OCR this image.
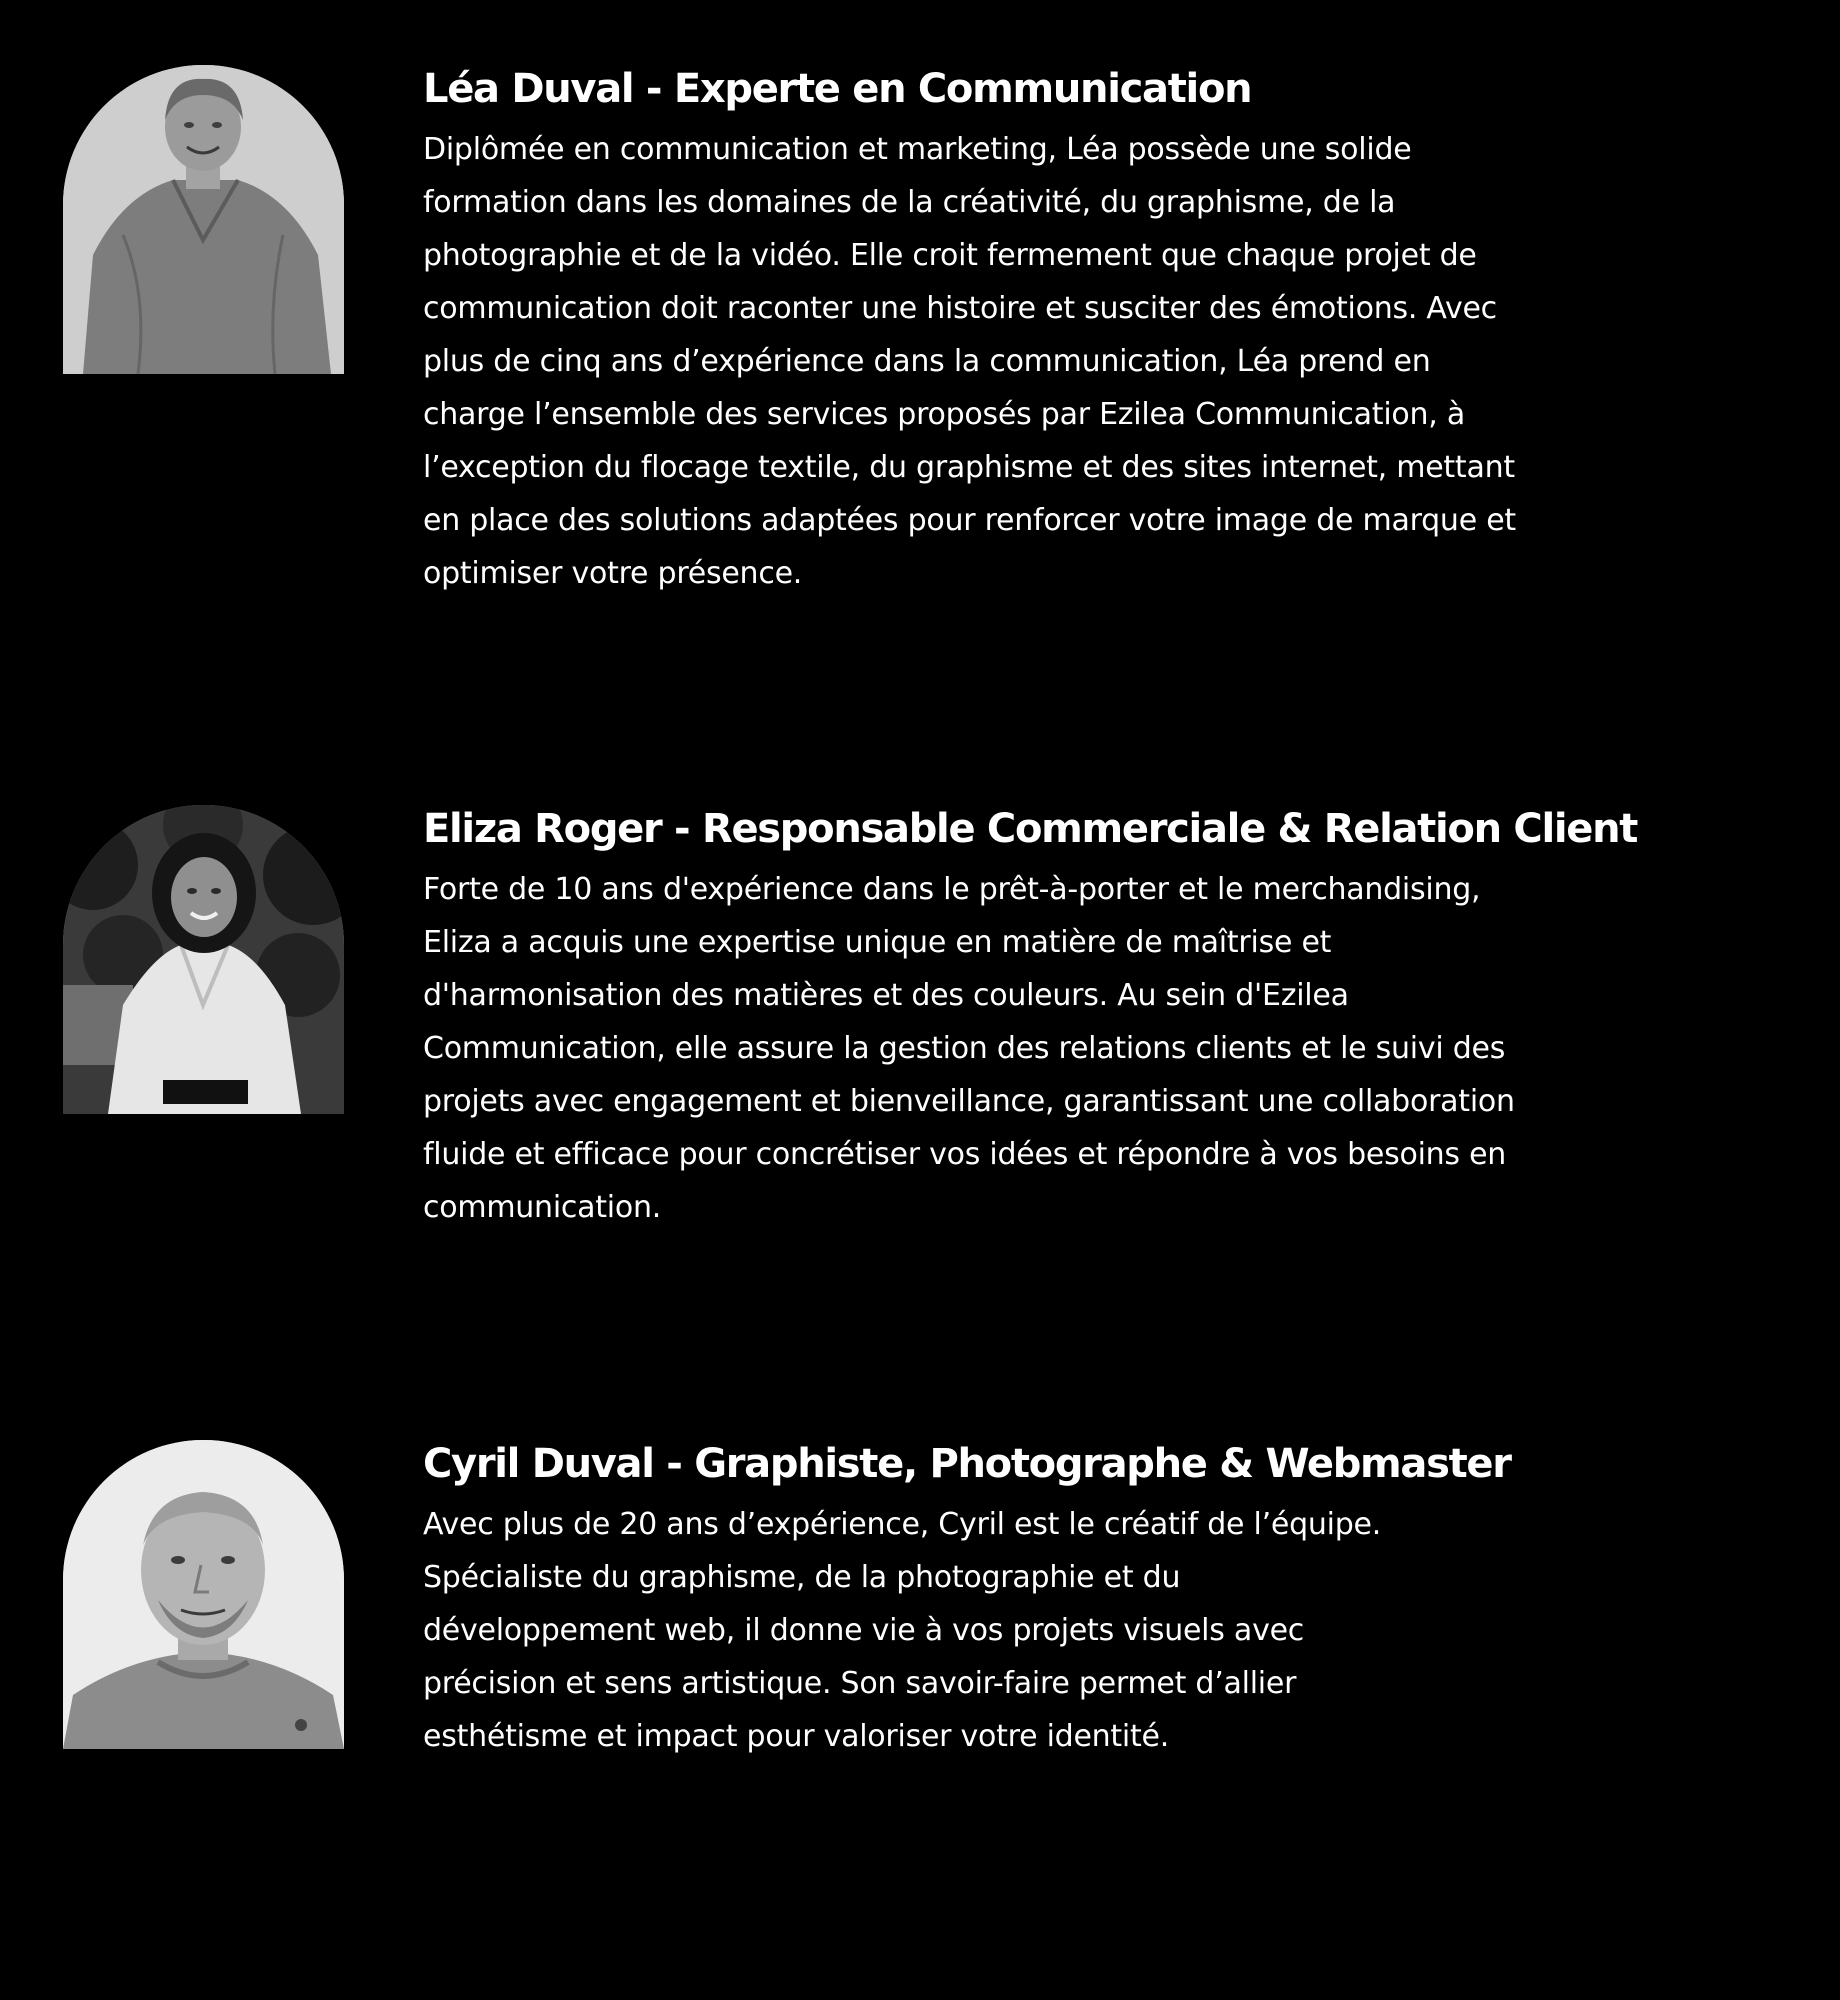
Léa Duval - Experte en Communication

Diplômée en communication et marketing, Léa possède une solide
formation dans les domaines de la créativité, du graphisme, de la
photographie et de la vidéo. Elle croit fermement que chaque projet de
communication doit raconter une histoire et susciter des émotions. Avec
plus de cinq ans d’expérience dans la communication, Léa prend en
charge l’ensemble des services proposés par Ezilea Communication, à
l’exception du flocage textile, du graphisme et des sites internet, mettant
en place des solutions adaptées pour renforcer votre image de marque et
optimiser votre présence.

Eliza Roger - Responsable Commerciale & Relation Client

Forte de 10 ans d'expérience dans le prêt-à-porter et le merchandising,
Eliza a acquis une expertise unique en matière de maîtrise et
d'harmonisation des matières et des couleurs. Au sein d'Ezilea
Communication, elle assure la gestion des relations clients et le suivi des
projets avec engagement et bienveillance, garantissant une collaboration
fluide et efficace pour concrétiser vos idées et répondre à vos besoins en
communication.

Cyril Duval - Graphiste, Photographe & Webmaster

Avec plus de 20 ans d’expérience, Cyril est le créatif de l’équipe.
Spécialiste du graphisme, de la photographie et du
développement web, il donne vie à vos projets visuels avec
précision et sens artistique. Son savoir-faire permet d’allier
esthétisme et impact pour valoriser votre identité.
